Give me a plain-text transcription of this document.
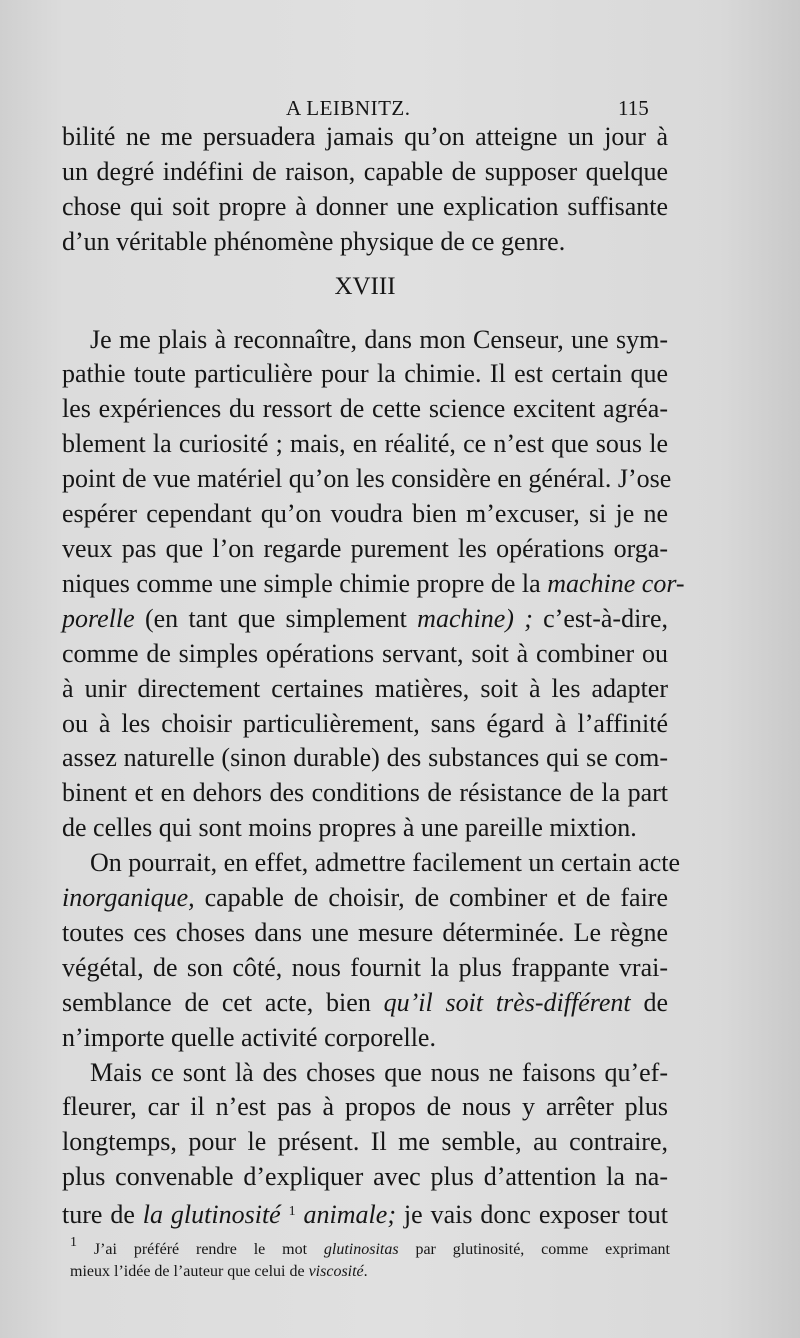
A LEIBNITZ.	115
bilité ne me persuadera jamais qu’on atteigne un jour à
un degré indéfini de raison, capable de supposer quelque
chose qui soit propre à donner une explication suffisante
d’un véritable phénomène physique de ce genre.
XVIII
Je me plais à reconnaître, dans mon Censeur, une sym-
pathie toute particulière pour la chimie. Il est certain que
les expériences du ressort de cette science excitent agréa-
blement la curiosité ; mais, en réalité, ce n’est que sous le
point de vue matériel qu’on les considère en général. J’ose
espérer cependant qu’on voudra bien m’excuser, si je ne
veux pas que l’on regarde purement les opérations orga-
niques comme une simple chimie propre de la machine cor-
porelle (en tant que simplement machine) ; c’est-à-dire,
comme de simples opérations servant, soit à combiner ou
à unir directement certaines matières, soit à les adapter
ou à les choisir particulièrement, sans égard à l’affinité
assez naturelle (sinon durable) des substances qui se com-
binent et en dehors des conditions de résistance de la part
de celles qui sont moins propres à une pareille mixtion.
On pourrait, en effet, admettre facilement un certain acte
inorganique, capable de choisir, de combiner et de faire
toutes ces choses dans une mesure déterminée. Le règne
végétal, de son côté, nous fournit la plus frappante vrai-
semblance de cet acte, bien qu’il soit très-différent de
n’importe quelle activité corporelle.
Mais ce sont là des choses que nous ne faisons qu’ef-
fleurer, car il n’est pas à propos de nous y arrêter plus
longtemps, pour le présent. Il me semble, au contraire,
plus convenable d’expliquer avec plus d’attention la na-
ture de la glutinosité $^1$ animale; je vais donc exposer tout
$^1$ J’ai préféré rendre le mot glutinositas par glutinosité, comme exprimant
mieux l’idée de l’auteur que celui de viscosité.
